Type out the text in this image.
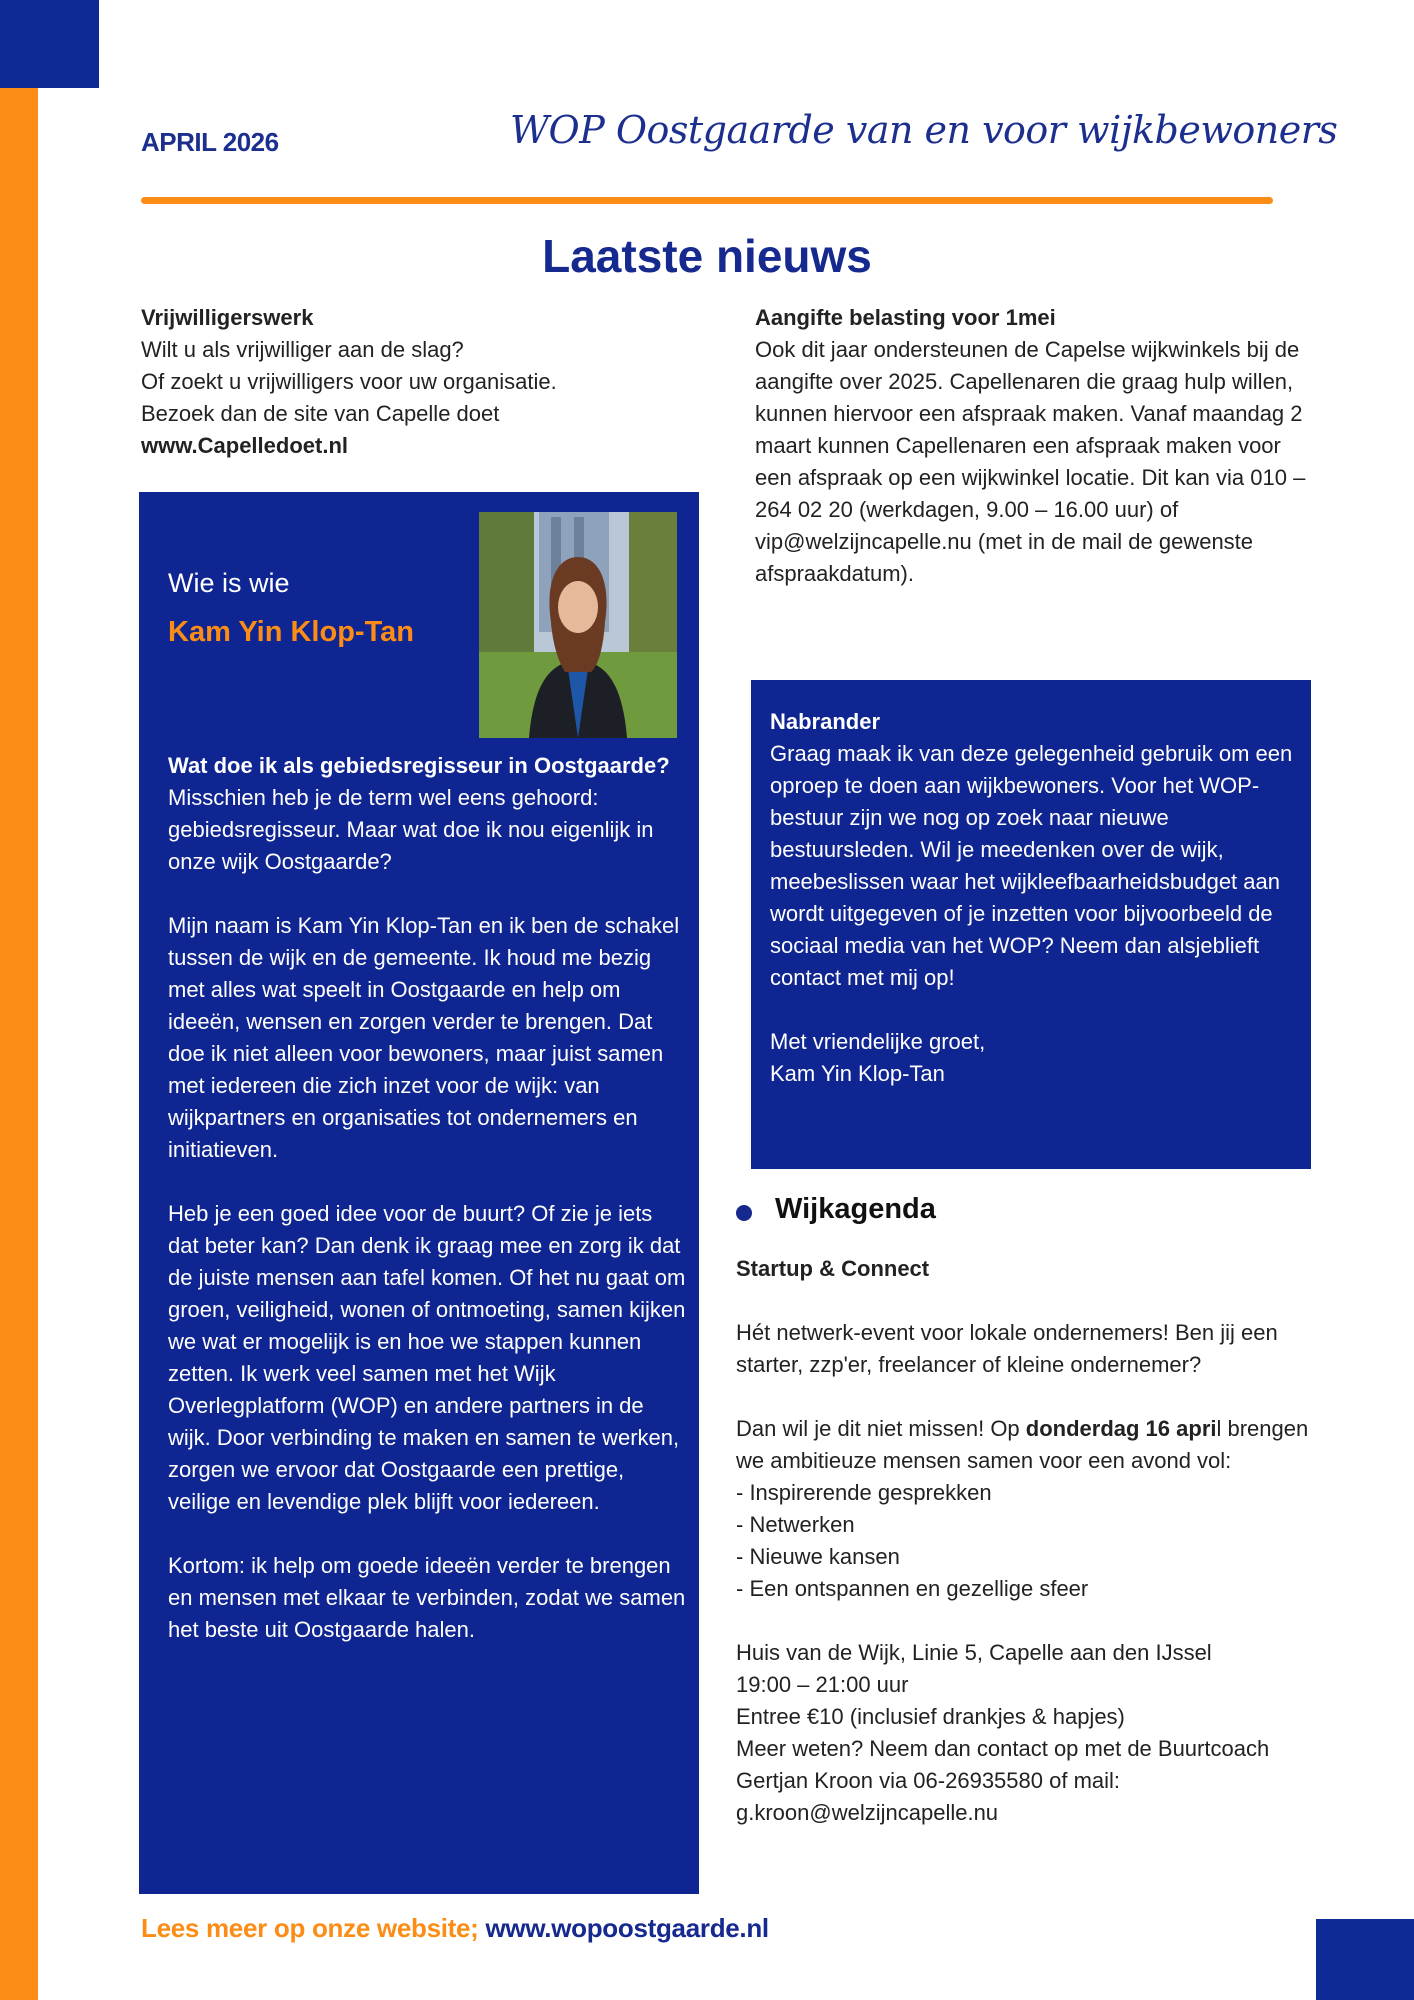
APRIL 2026	WOP Oostgaarde van en voor wijkbewoners
Laatste nieuws

Vrijwilligerswerk

Wilt u als vrijwilliger aan de slag?

Of zoekt u vrijwilligers voor uw organisatie.

Bezoek dan de site van Capelle doet

www.Capelledoet.nl

Aangifte belasting voor 1mei

Ook dit jaar ondersteunen de Capelse wijkwinkels bij de aangifte over 2025. Capellenaren die graag hulp willen, kunnen hiervoor een afspraak maken. Vanaf maandag 2 maart kunnen Capellenaren een afspraak maken voor een afspraak op een wijkwinkel locatie. Dit kan via 010 – 264 02 20 (werkdagen, 9.00 – 16.00 uur) of vip@welzijncapelle.nu (met in de mail de gewenste afspraakdatum).

Wie is wie
Kam Yin Klop-Tan

Wat doe ik als gebiedsregisseur in Oostgaarde?

Misschien heb je de term wel eens gehoord: gebiedsregisseur. Maar wat doe ik nou eigenlijk in onze wijk Oostgaarde?

Mijn naam is Kam Yin Klop-Tan en ik ben de schakel tussen de wijk en de gemeente. Ik houd me bezig met alles wat speelt in Oostgaarde en help om ideeën, wensen en zorgen verder te brengen. Dat doe ik niet alleen voor bewoners, maar juist samen met iedereen die zich inzet voor de wijk: van wijkpartners en organisaties tot ondernemers en initiatieven.

Heb je een goed idee voor de buurt? Of zie je iets dat beter kan? Dan denk ik graag mee en zorg ik dat de juiste mensen aan tafel komen. Of het nu gaat om groen, veiligheid, wonen of ontmoeting, samen kijken we wat er mogelijk is en hoe we stappen kunnen zetten. Ik werk veel samen met het Wijk Overlegplatform (WOP) en andere partners in de wijk. Door verbinding te maken en samen te werken, zorgen we ervoor dat Oostgaarde een prettige, veilige en levendige plek blijft voor iedereen.

Kortom: ik help om goede ideeën verder te brengen en mensen met elkaar te verbinden, zodat we samen het beste uit Oostgaarde halen.

Nabrander

Graag maak ik van deze gelegenheid gebruik om een oproep te doen aan wijkbewoners. Voor het WOP-bestuur zijn we nog op zoek naar nieuwe bestuursleden. Wil je meedenken over de wijk, meebeslissen waar het wijkleefbaarheidsbudget aan wordt uitgegeven of je inzetten voor bijvoorbeeld de sociaal media van het WOP? Neem dan alsjeblieft contact met mij op!

Met vriendelijke groet,

Kam Yin Klop-Tan

Wijkagenda

Startup & Connect

Hét netwerk-event voor lokale ondernemers! Ben jij een starter, zzp'er, freelancer of kleine ondernemer?

Dan wil je dit niet missen! Op donderdag 16 april brengen we ambitieuze mensen samen voor een avond vol:

- Inspirerende gesprekken

- Netwerken

- Nieuwe kansen

- Een ontspannen en gezellige sfeer

Huis van de Wijk, Linie 5, Capelle aan den IJssel

19:00 – 21:00 uur

Entree €10 (inclusief drankjes & hapjes)

Meer weten? Neem dan contact op met de Buurtcoach Gertjan Kroon via 06-26935580 of mail: g.kroon@welzijncapelle.nu

Lees meer op onze website; www.wopoostgaarde.nl
